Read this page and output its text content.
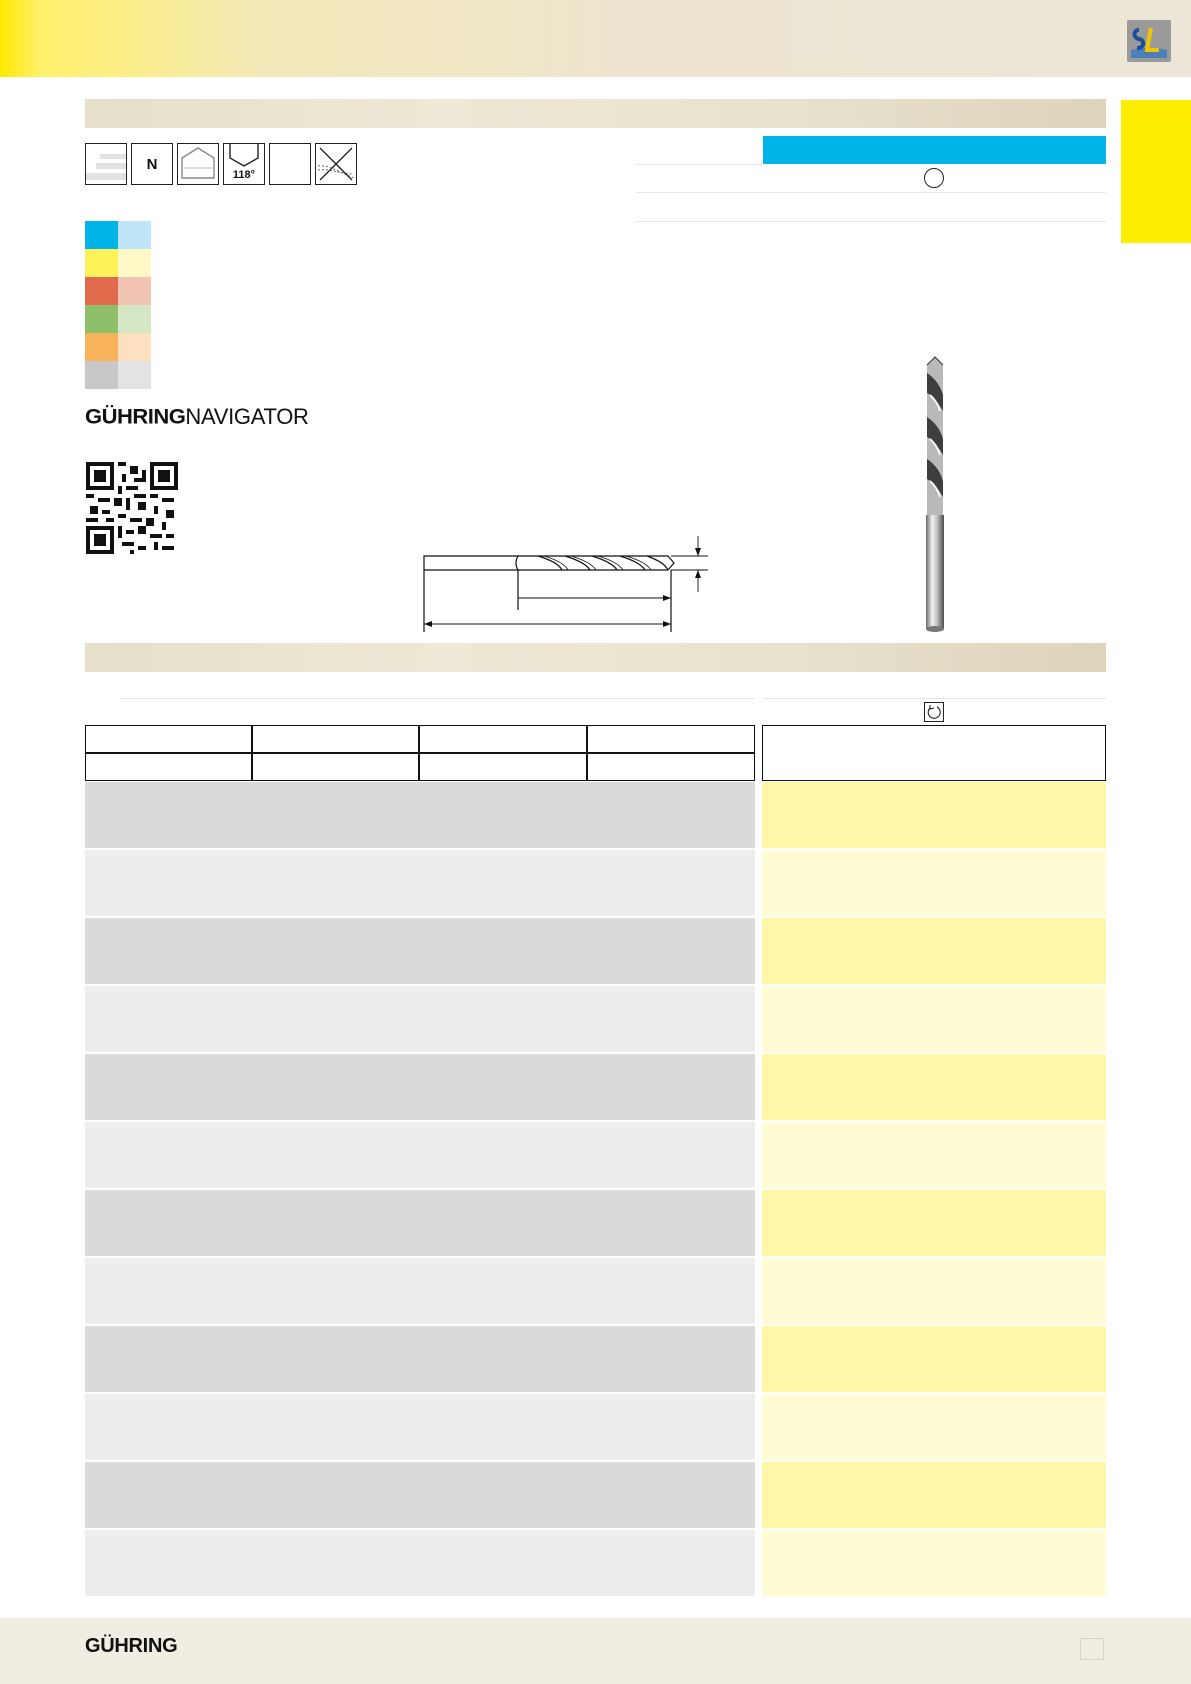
N
118°
GÜHRING NAVIGATOR
GÜHRING
